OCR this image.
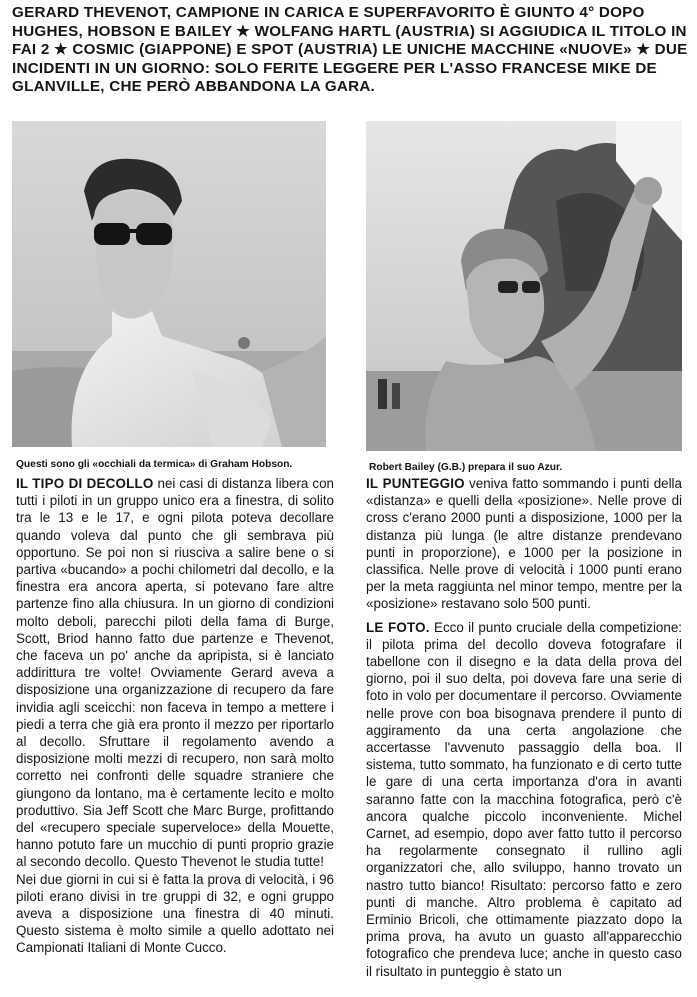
GERARD THEVENOT, CAMPIONE IN CARICA E SUPERFAVORITO È GIUNTO 4° DOPO HUGHES, HOBSON E BAILEY ★ WOLFANG HARTL (AUSTRIA) SI AGGIUDICA IL TITOLO IN FAI 2 ★ COSMIC (GIAPPONE) E SPOT (AUSTRIA) LE UNICHE MACCHINE «NUOVE» ★ DUE INCIDENTI IN UN GIORNO: SOLO FERITE LEGGERE PER L'ASSO FRANCESE MIKE DE GLANVILLE, CHE PERÒ ABBANDONA LA GARA.

Questi sono gli «occhiali da termica» di Graham Hobson.	Robert Bailey (G.B.) prepara il suo Azur.

IL TIPO DI DECOLLO nei casi di distanza libera con tutti i piloti in un gruppo unico era a finestra, di solito tra le 13 e le 17, e ogni pilota poteva decollare quando voleva dal punto che gli sembrava più opportuno. Se poi non si riusciva a salire bene o si partiva «bucando» a pochi chilometri dal decollo, e la finestra era ancora aperta, si potevano fare altre partenze fino alla chiusura. In un giorno di condizioni molto deboli, parecchi piloti della fama di Burge, Scott, Briod hanno fatto due partenze e Thevenot, che faceva un po' anche da apripista, si è lanciato addirittura tre volte! Ovviamente Gerard aveva a disposizione una organizzazione di recupero da fare invidia agli sceicchi: non faceva in tempo a mettere i piedi a terra che già era pronto il mezzo per riportarlo al decollo. Sfruttare il regolamento avendo a disposizione molti mezzi di recupero, non sarà molto corretto nei confronti delle squadre straniere che giungono da lontano, ma è certamente lecito e molto produttivo. Sia Jeff Scott che Marc Burge, profittando del «recupero speciale superveloce» della Mouette, hanno potuto fare un mucchio di punti proprio grazie al secondo decollo. Questo Thevenot le studia tutte!

Nei due giorni in cui si è fatta la prova di velocità, i 96 piloti erano divisi in tre gruppi di 32, e ogni gruppo aveva a disposizione una finestra di 40 minuti. Questo sistema è molto simile a quello adottato nei Campionati Italiani di Monte Cucco.

IL PUNTEGGIO veniva fatto sommando i punti della «distanza» e quelli della «posizione». Nelle prove di cross c'erano 2000 punti a disposizione, 1000 per la distanza più lunga (le altre distanze prendevano punti in proporzione), e 1000 per la posizione in classifica. Nelle prove di velocità i 1000 punti erano per la meta raggiunta nel minor tempo, mentre per la «posizione» restavano solo 500 punti.

LE FOTO. Ecco il punto cruciale della competizione: il pilota prima del decollo doveva fotografare il tabellone con il disegno e la data della prova del giorno, poi il suo delta, poi doveva fare una serie di foto in volo per documentare il percorso. Ovviamente nelle prove con boa bisognava prendere il punto di aggiramento da una certa angolazione che accertasse l'avvenuto passaggio della boa. Il sistema, tutto sommato, ha funzionato e di certo tutte le gare di una certa importanza d'ora in avanti saranno fatte con la macchina fotografica, però c'è ancora qualche piccolo inconveniente. Michel Carnet, ad esempio, dopo aver fatto tutto il percorso ha regolarmente consegnato il rullino agli organizzatori che, allo sviluppo, hanno trovato un nastro tutto bianco! Risultato: percorso fatto e zero punti di manche. Altro problema è capitato ad Erminio Bricoli, che ottimamente piazzato dopo la prima prova, ha avuto un guasto all'apparecchio fotografico che prendeva luce; anche in questo caso il risultato in punteggio è stato un
